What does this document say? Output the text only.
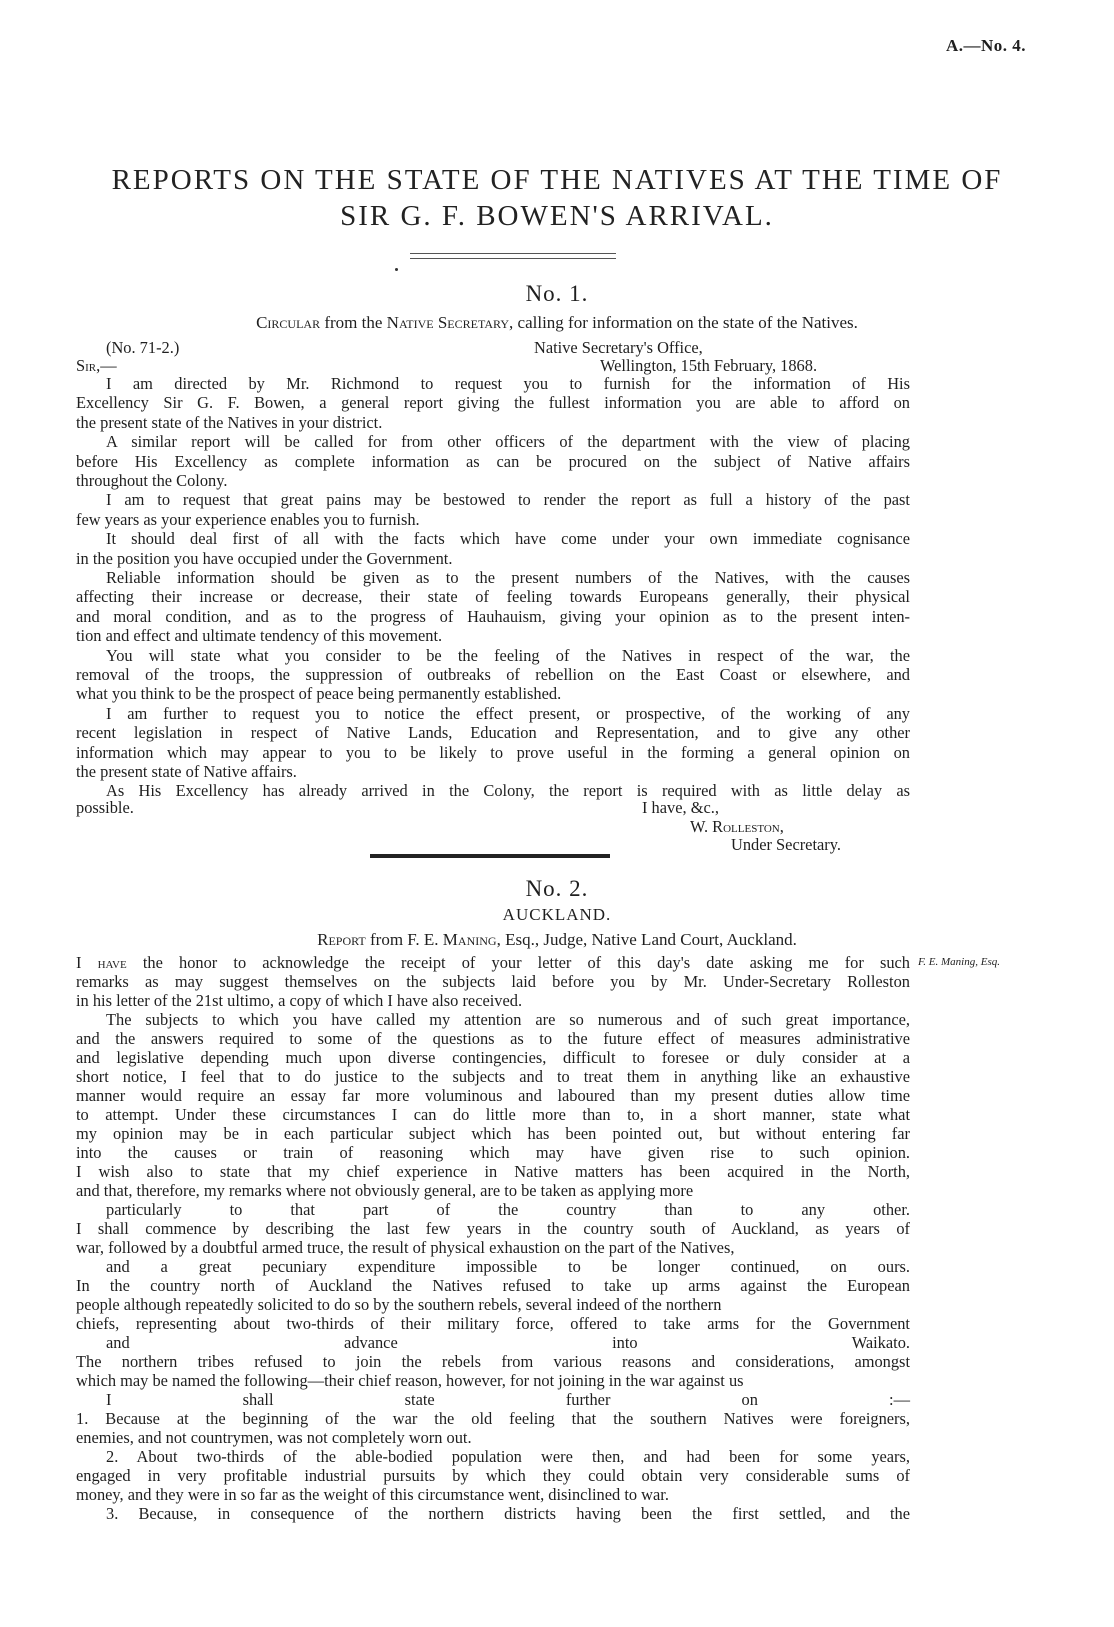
A.—No. 4.
REPORTS ON THE STATE OF THE NATIVES AT THE TIME OF
SIR G. F. BOWEN'S ARRIVAL.
No. 1.
Circular from the Native Secretary, calling for information on the state of the Natives.
(No. 71-2.)	Native Secretary's Office,
Sir,—	Wellington, 15th February, 1868.
I am directed by Mr. Richmond to request you to furnish for the information of His
Excellency Sir G. F. Bowen, a general report giving the fullest information you are able to afford on
the present state of the Natives in your district.
A similar report will be called for from other officers of the department with the view of placing
before His Excellency as complete information as can be procured on the subject of Native affairs
throughout the Colony.
I am to request that great pains may be bestowed to render the report as full a history of the past
few years as your experience enables you to furnish.
It should deal first of all with the facts which have come under your own immediate cognisance
in the position you have occupied under the Government.
Reliable information should be given as to the present numbers of the Natives, with the causes
affecting their increase or decrease, their state of feeling towards Europeans generally, their physical
and moral condition, and as to the progress of Hauhauism, giving your opinion as to the present inten-
tion and effect and ultimate tendency of this movement.
You will state what you consider to be the feeling of the Natives in respect of the war, the
removal of the troops, the suppression of outbreaks of rebellion on the East Coast or elsewhere, and
what you think to be the prospect of peace being permanently established.
I am further to request you to notice the effect present, or prospective, of the working of any
recent legislation in respect of Native Lands, Education and Representation, and to give any other
information which may appear to you to be likely to prove useful in the forming a general opinion on
the present state of Native affairs.
As His Excellency has already arrived in the Colony, the report is required with as little delay as
possible.	I have, &c.,
W. Rolleston,
Under Secretary.
No. 2.
AUCKLAND.
Report from F. E. Maning, Esq., Judge, Native Land Court, Auckland.
F. E. Maning, Esq.
I have the honor to acknowledge the receipt of your letter of this day's date asking me for such
remarks as may suggest themselves on the subjects laid before you by Mr. Under-Secretary Rolleston
in his letter of the 21st ultimo, a copy of which I have also received.
The subjects to which you have called my attention are so numerous and of such great importance,
and the answers required to some of the questions as to the future effect of measures administrative
and legislative depending much upon diverse contingencies, difficult to foresee or duly consider at a
short notice, I feel that to do justice to the subjects and to treat them in anything like an exhaustive
manner would require an essay far more voluminous and laboured than my present duties allow time
to attempt. Under these circumstances I can do little more than to, in a short manner, state what
my opinion may be in each particular subject which has been pointed out, but without entering far
into the causes or train of reasoning which may have given rise to such opinion.
I wish also to state that my chief experience in Native matters has been acquired in the North,
and that, therefore, my remarks where not obviously general, are to be taken as applying more
particularly to that part of the country than to any other.
I shall commence by describing the last few years in the country south of Auckland, as years of
war, followed by a doubtful armed truce, the result of physical exhaustion on the part of the Natives,
and a great pecuniary expenditure impossible to be longer continued, on ours.
In the country north of Auckland the Natives refused to take up arms against the European
people although repeatedly solicited to do so by the southern rebels, several indeed of the northern
chiefs, representing about two-thirds of their military force, offered to take arms for the Government
and advance into Waikato.
The northern tribes refused to join the rebels from various reasons and considerations, amongst
which may be named the following—their chief reason, however, for not joining in the war against us
I shall state further on :—
1. Because at the beginning of the war the old feeling that the southern Natives were foreigners,
enemies, and not countrymen, was not completely worn out.
2. About two-thirds of the able-bodied population were then, and had been for some years,
engaged in very profitable industrial pursuits by which they could obtain very considerable sums of
money, and they were in so far as the weight of this circumstance went, disinclined to war.
3. Because, in consequence of the northern districts having been the first settled, and the
